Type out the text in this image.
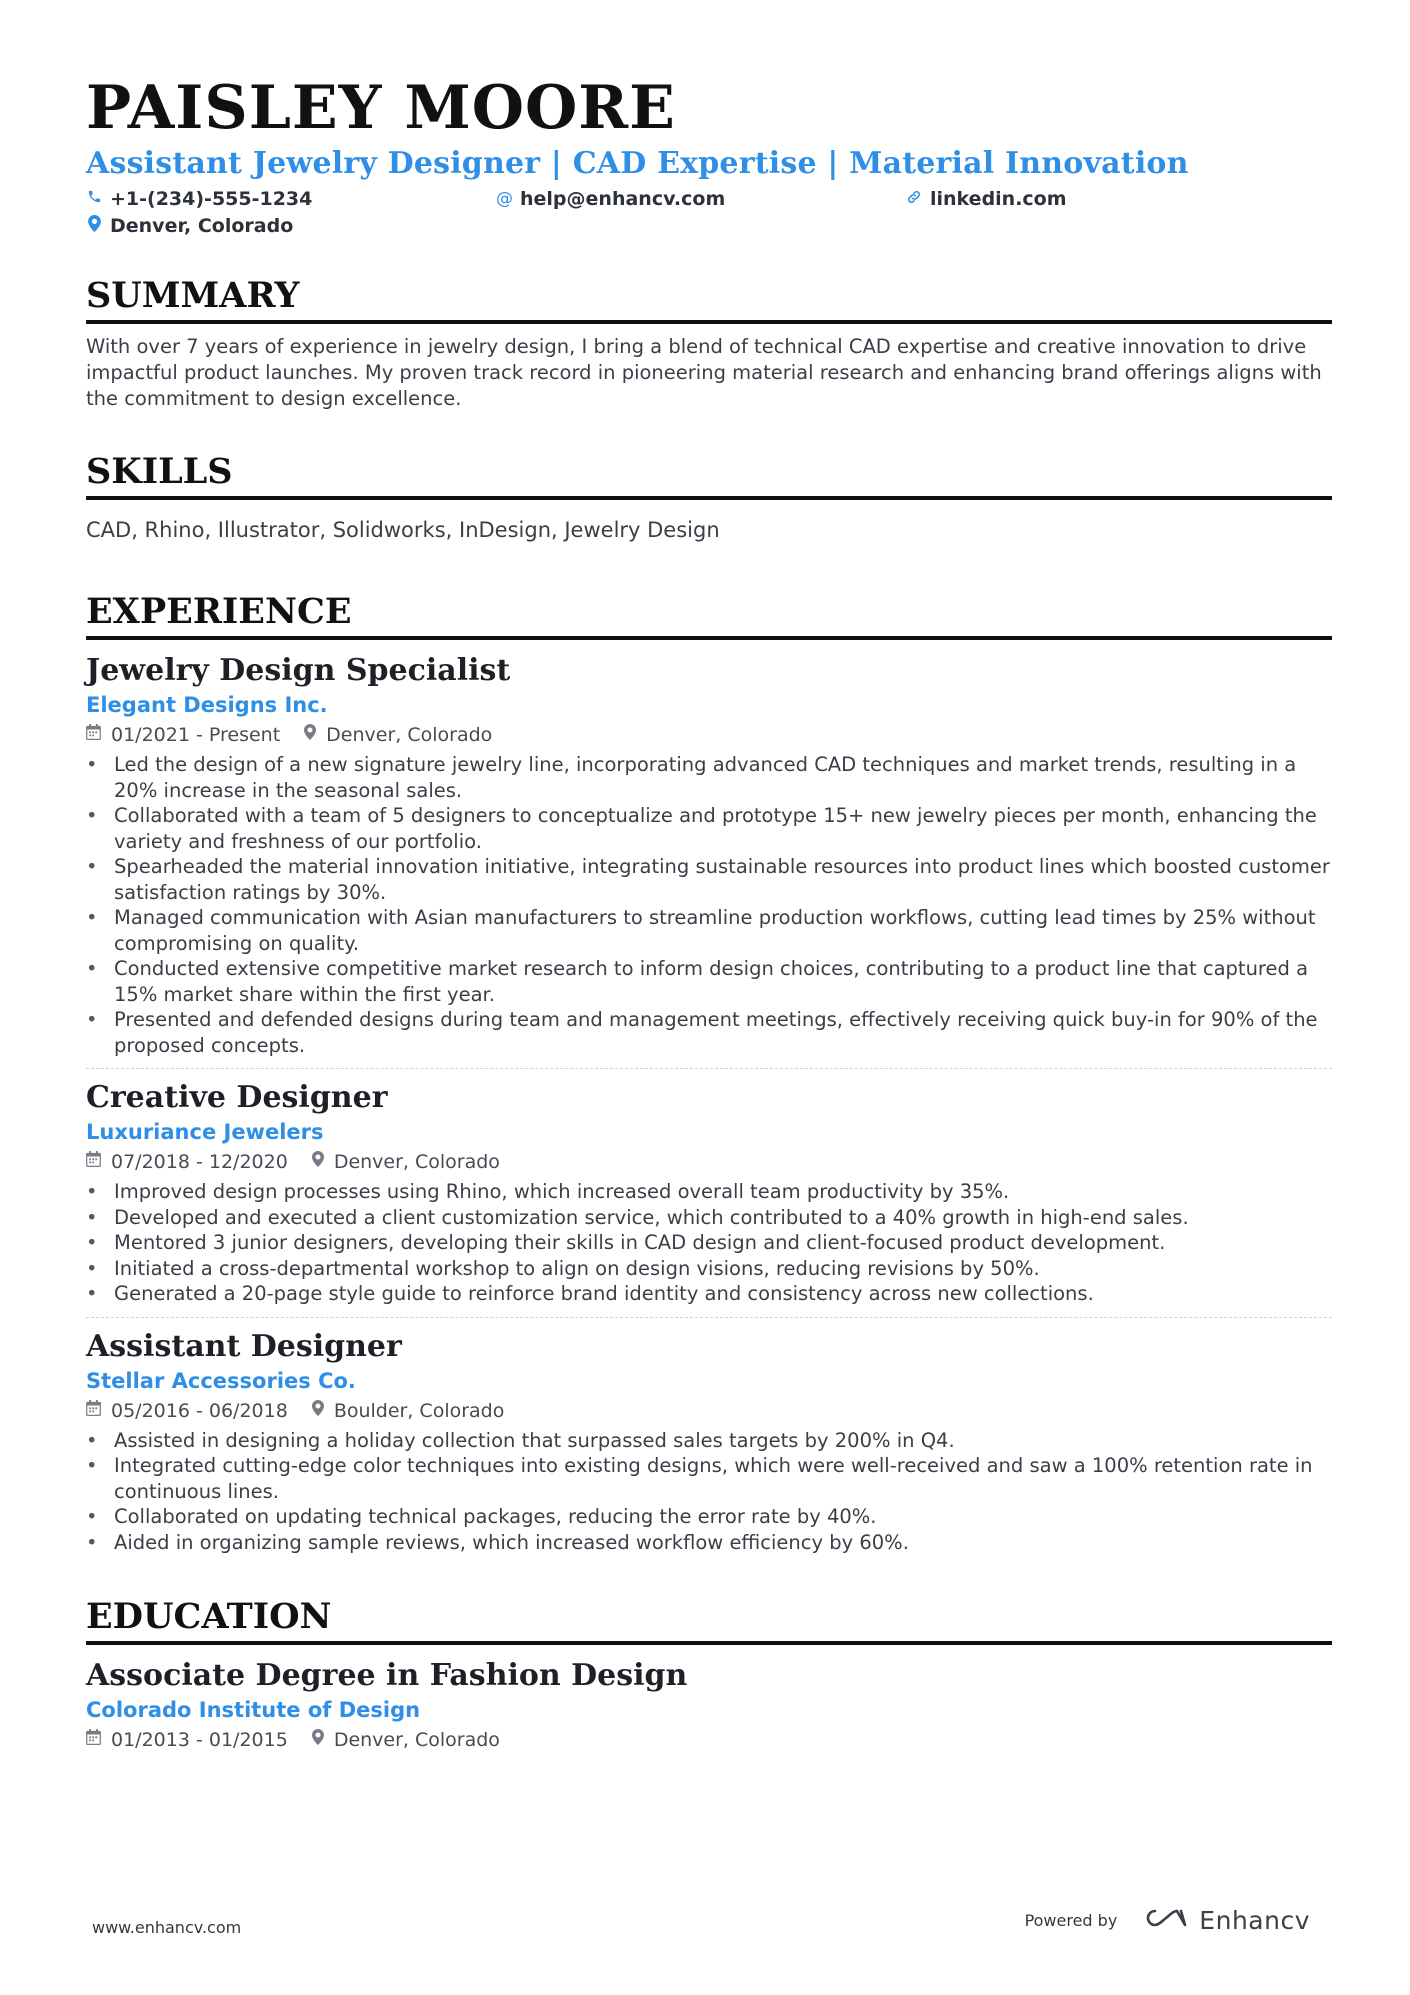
PAISLEY MOORE
Assistant Jewelry Designer | CAD Expertise | Material Innovation
+1-(234)-555-1234	@ help@enhancv.com	linkedin.com
Denver, Colorado
SUMMARY

With over 7 years of experience in jewelry design, I bring a blend of technical CAD expertise and creative innovation to drive impactful product launches. My proven track record in pioneering material research and enhancing brand offerings aligns with the commitment to design excellence.

SKILLS

CAD, Rhino, Illustrator, Solidworks, InDesign, Jewelry Design

EXPERIENCE
Jewelry Design Specialist
Elegant Designs Inc.
01/2021 - Present Denver, Colorado
• Led the design of a new signature jewelry line, incorporating advanced CAD techniques and market trends, resulting in a 20% increase in the seasonal sales.
• Collaborated with a team of 5 designers to conceptualize and prototype 15+ new jewelry pieces per month, enhancing the variety and freshness of our portfolio.
• Spearheaded the material innovation initiative, integrating sustainable resources into product lines which boosted customer satisfaction ratings by 30%.
• Managed communication with Asian manufacturers to streamline production workflows, cutting lead times by 25% without compromising on quality.
• Conducted extensive competitive market research to inform design choices, contributing to a product line that captured a 15% market share within the first year.
• Presented and defended designs during team and management meetings, effectively receiving quick buy-in for 90% of the proposed concepts.
Creative Designer
Luxuriance Jewelers
07/2018 - 12/2020 Denver, Colorado
• Improved design processes using Rhino, which increased overall team productivity by 35%.
• Developed and executed a client customization service, which contributed to a 40% growth in high-end sales.
• Mentored 3 junior designers, developing their skills in CAD design and client-focused product development.
• Initiated a cross-departmental workshop to align on design visions, reducing revisions by 50%.
• Generated a 20-page style guide to reinforce brand identity and consistency across new collections.
Assistant Designer
Stellar Accessories Co.
05/2016 - 06/2018 Boulder, Colorado
• Assisted in designing a holiday collection that surpassed sales targets by 200% in Q4.
• Integrated cutting-edge color techniques into existing designs, which were well-received and saw a 100% retention rate in continuous lines.
• Collaborated on updating technical packages, reducing the error rate by 40%.
• Aided in organizing sample reviews, which increased workflow efficiency by 60%.
EDUCATION
Associate Degree in Fashion Design
Colorado Institute of Design
01/2013 - 01/2015 Denver, Colorado
www.enhancv.com	Powered by	Enhancv
